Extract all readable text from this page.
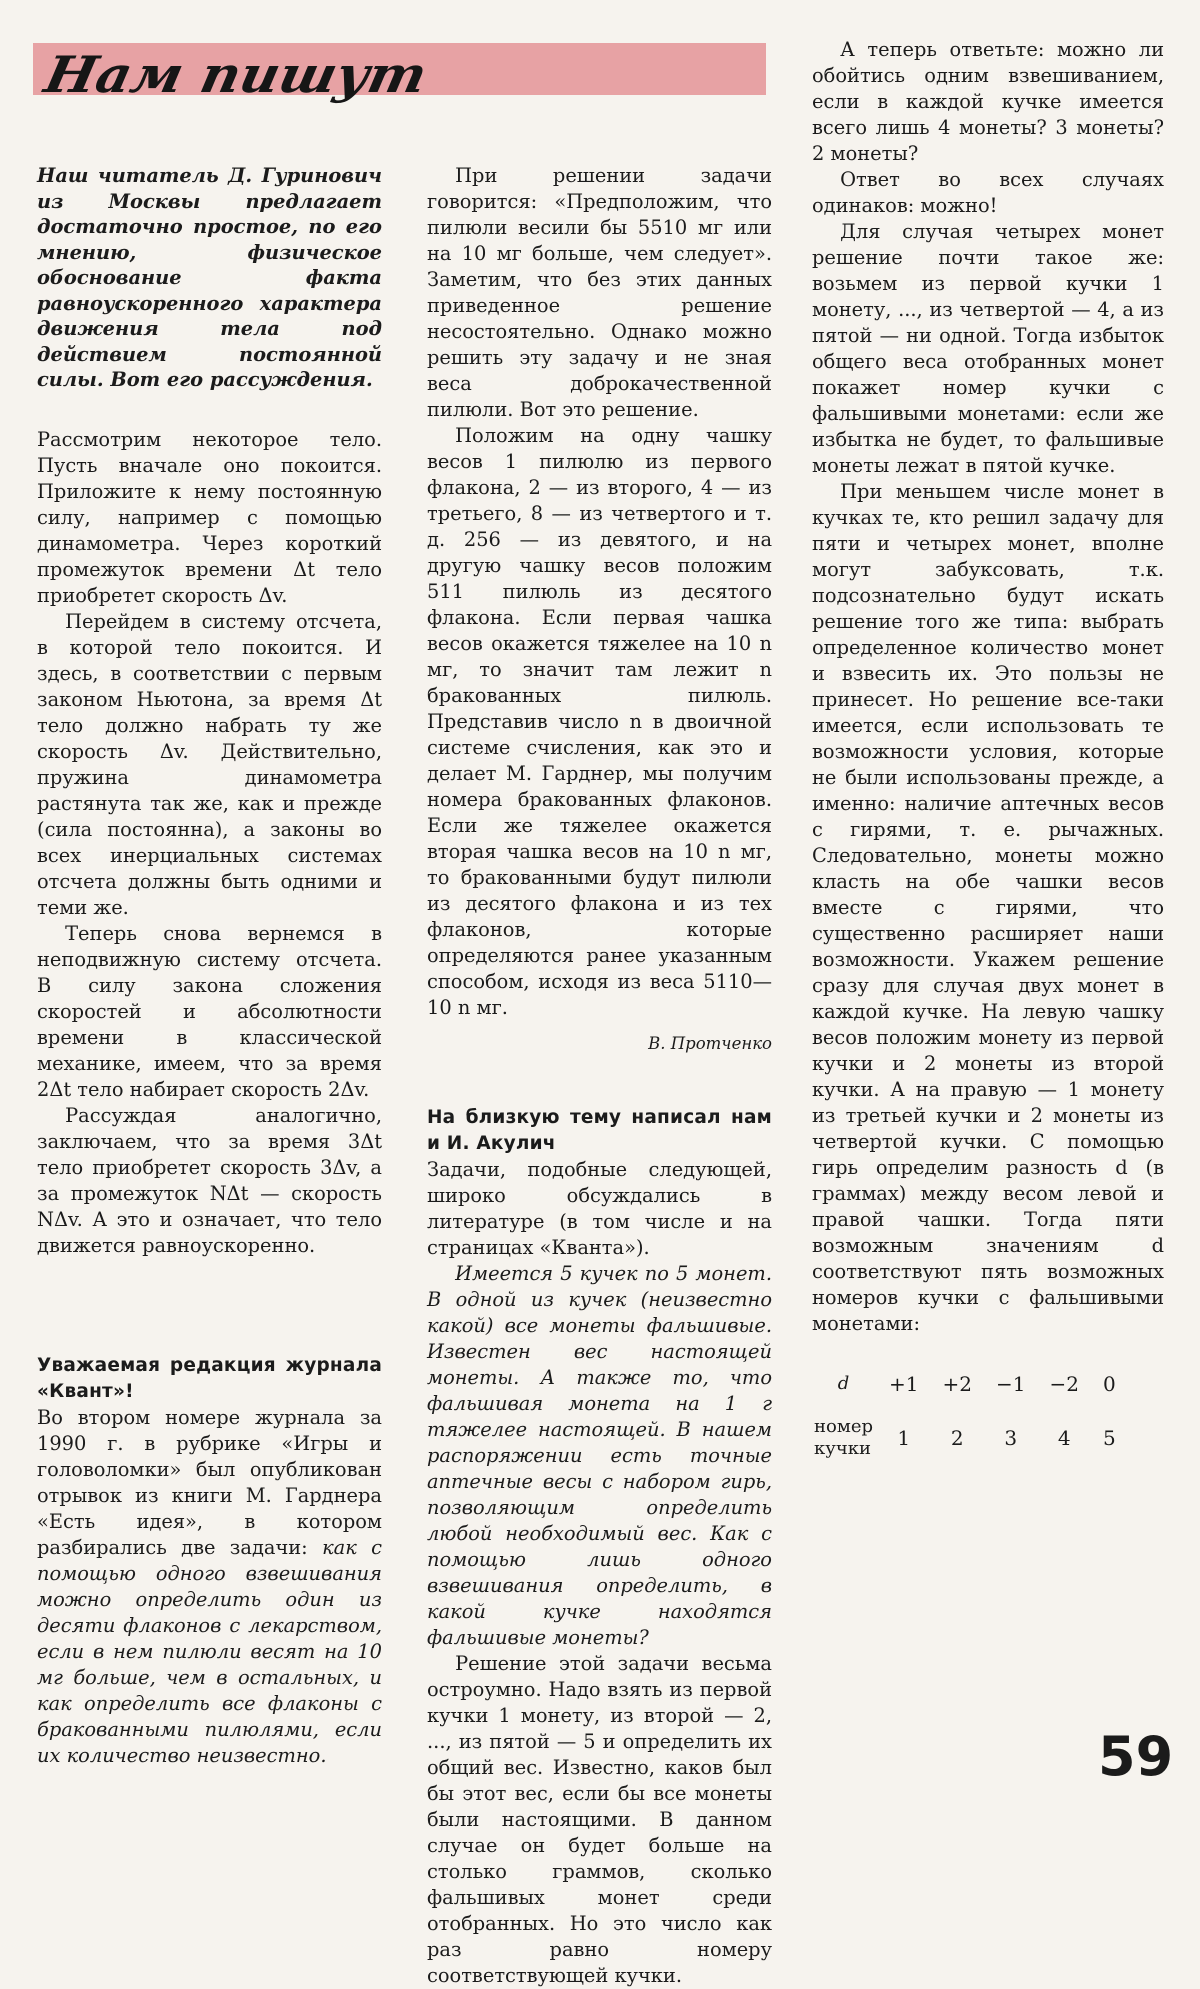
Нам пишут

Наш читатель Д. Гуринович из Москвы предлагает достаточно простое, по его мнению, физическое обоснование факта равноускоренного характера движения тела под действием постоянной силы. Вот его рассуждения.

Рассмотрим некоторое тело. Пусть вначале оно покоится. Приложите к нему постоянную силу, например с помощью динамометра. Через короткий промежуток времени Δt тело приобретет скорость Δv.

Перейдем в систему отсчета, в которой тело покоится. И здесь, в соответствии с первым законом Ньютона, за время Δt тело должно набрать ту же скорость Δv. Действительно, пружина динамометра растянута так же, как и прежде (сила постоянна), а законы во всех инерциальных системах отсчета должны быть одними и теми же.

Теперь снова вернемся в неподвижную систему отсчета. В силу закона сложения скоростей и абсолютности времени в классической механике, имеем, что за время 2Δt тело набирает скорость 2Δv.

Рассуждая аналогично, заключаем, что за время 3Δt тело приобретет скорость 3Δv, а за промежуток NΔt — скорость NΔv. А это и означает, что тело движется равноускоренно.

Уважаемая редакция журнала «Квант»!

Во втором номере журнала за 1990 г. в рубрике «Игры и головоломки» был опубликован отрывок из книги М. Гарднера «Есть идея», в котором разбирались две задачи: как с помощью одного взвешивания можно определить один из десяти флаконов с лекарством, если в нем пилюли весят на 10 мг больше, чем в остальных, и как определить все флаконы с бракованными пилюлями, если их количество неизвестно.

При решении задачи говорится: «Предположим, что пилюли весили бы 5510 мг или на 10 мг больше, чем следует». Заметим, что без этих данных приведенное решение несостоятельно. Однако можно решить эту задачу и не зная веса доброкачественной пилюли. Вот это решение.

Положим на одну чашку весов 1 пилюлю из первого флакона, 2 — из второго, 4 — из третьего, 8 — из четвертого и т. д. 256 — из девятого, и на другую чашку весов положим 511 пилюль из десятого флакона. Если первая чашка весов окажется тяжелее на 10 n мг, то значит там лежит n бракованных пилюль. Представив число n в двоичной системе счисления, как это и делает М. Гарднер, мы получим номера бракованных флаконов. Если же тяжелее окажется вторая чашка весов на 10 n мг, то бракованными будут пилюли из десятого флакона и из тех флаконов, которые определяются ранее указанным способом, исходя из веса 5110—10 n мг.

В. Протченко

На близкую тему написал нам и И. Акулич

Задачи, подобные следующей, широко обсуждались в литературе (в том числе и на страницах «Кванта»).

Имеется 5 кучек по 5 монет. В одной из кучек (неизвестно какой) все монеты фальшивые. Известен вес настоящей монеты. А также то, что фальшивая монета на 1 г тяжелее настоящей. В нашем распоряжении есть точные аптечные весы с набором гирь, позволяющим определить любой необходимый вес. Как с помощью лишь одного взвешивания определить, в какой кучке находятся фальшивые монеты?

Решение этой задачи весьма остроумно. Надо взять из первой кучки 1 монету, из второй — 2, ..., из пятой — 5 и определить их общий вес. Известно, каков был бы этот вес, если бы все монеты были настоящими. В данном случае он будет больше на столько граммов, сколько фальшивых монет среди отобранных. Но это число как раз равно номеру соответствующей кучки.

А теперь ответьте: можно ли обойтись одним взвешиванием, если в каждой кучке имеется всего лишь 4 монеты? 3 монеты? 2 монеты?

Ответ во всех случаях одинаков: можно!

Для случая четырех монет решение почти такое же: возьмем из первой кучки 1 монету, ..., из четвертой — 4, а из пятой — ни одной. Тогда избыток общего веса отобранных монет покажет номер кучки с фальшивыми монетами: если же избытка не будет, то фальшивые монеты лежат в пятой кучке.

При меньшем числе монет в кучках те, кто решил задачу для пяти и четырех монет, вполне могут забуксовать, т.к. подсознательно будут искать решение того же типа: выбрать определенное количество монет и взвесить их. Это пользы не принесет. Но решение все-таки имеется, если использовать те возможности условия, которые не были использованы прежде, а именно: наличие аптечных весов с гирями, т. е. рычажных. Следовательно, монеты можно класть на обе чашки весов вместе с гирями, что существенно расширяет наши возможности. Укажем решение сразу для случая двух монет в каждой кучке. На левую чашку весов положим монету из первой кучки и 2 монеты из второй кучки. А на правую — 1 монету из третьей кучки и 2 монеты из четвертой кучки. С помощью гирь определим разность d (в граммах) между весом левой и правой чашки. Тогда пяти возможным значениям d соответствуют пять возможных номеров кучки с фальшивыми монетами:

d	+1	+2	−1	−2	0
номер
кучки	1	2	3	4	5
59
